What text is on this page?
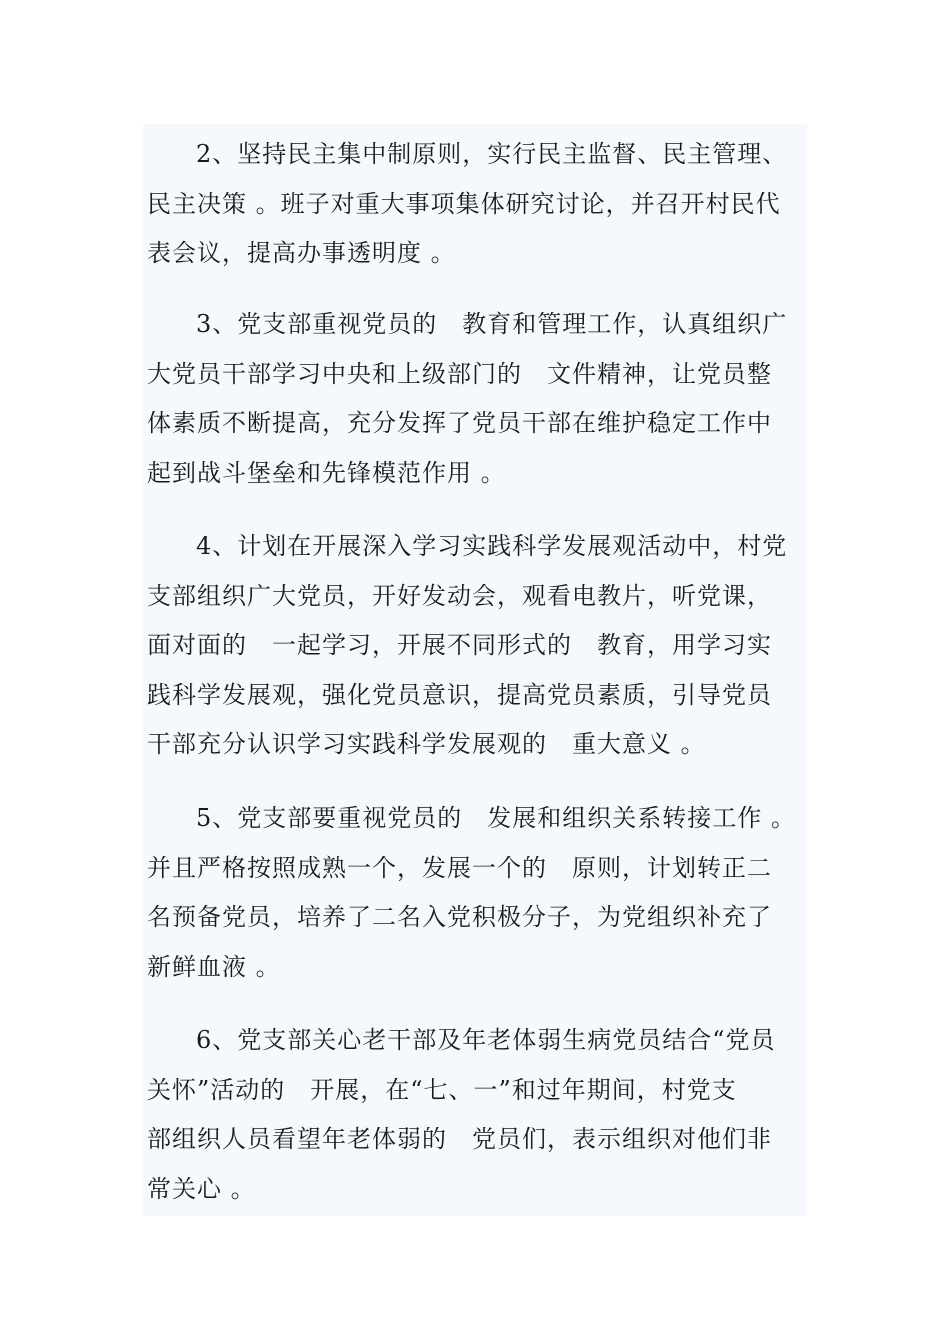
2、坚持民主集中制原则，实行民主监督、民主管理、
民主决策 。班子对重大事项集体研究讨论，并召开村民代
表会议，提高办事透明度 。
3、党支部重视党员的　教育和管理工作，认真组织广
大党员干部学习中央和上级部门的　文件精神，让党员整
体素质不断提高，充分发挥了党员干部在维护稳定工作中
起到战斗堡垒和先锋模范作用 。
4、计划在开展深入学习实践科学发展观活动中，村党
支部组织广大党员，开好发动会，观看电教片，听党课，
面对面的　一起学习，开展不同形式的　教育，用学习实
践科学发展观，强化党员意识，提高党员素质，引导党员
干部充分认识学习实践科学发展观的　重大意义 。
5、党支部要重视党员的　发展和组织关系转接工作 。
并且严格按照成熟一个，发展一个的　原则，计划转正二
名预备党员，培养了二名入党积极分子，为党组织补充了
新鲜血液 。
6、党支部关心老干部及年老体弱生病党员结合“党员
关怀”活动的　开展，在“七、一”和过年期间，村党支
部组织人员看望年老体弱的　党员们，表示组织对他们非
常关心 。
